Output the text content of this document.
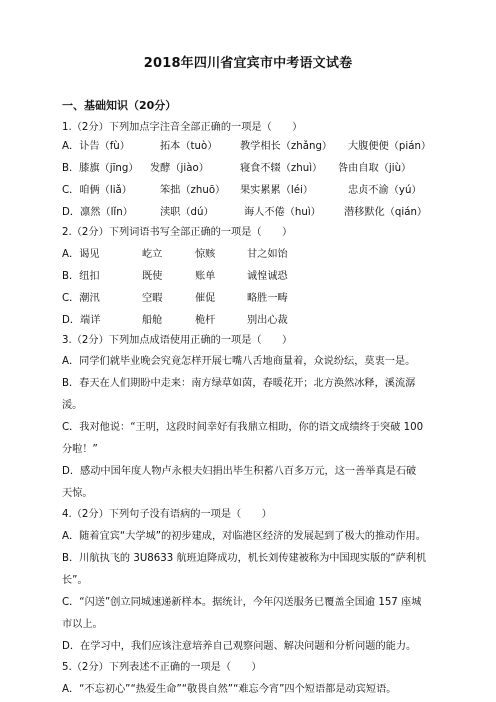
2018年四川省宜宾市中考语文试卷
一、基础知识（20分）
1.（2分）下列加点字注音全部正确的一项是（　　）
A．讣告（fù）	拓本（tuò） 教学相长（zhǎng） 大腹便便（pián）
B．膝旗（jīng） 发酵（jiào）	寝食不辍（zhuì） 咎由自取（jiù）
C．咱俩（liǎ）	笨拙（zhuō） 果实累累（léi）	忠贞不渝（yú）
D．凛然（lǐn）	渎职（dú）	诲人不倦（huì） 潜移默化（qián）
2.（2分）下列词语书写全部正确的一项是（　　）
A．谒见	屹立	惊赅	甘之如饴
B．纽扣	既使	账单	诚惶诚恐
C．潮汛	空暇	催促	略胜一畴
D．端详	船舱	桅杆	别出心裁
3.（2分）下列加点成语使用正确的一项是（　　）
A．同学们就毕业晚会究竟怎样开展七嘴八舌地商量着，众说纷纭，莫衷一是。
B．春天在人们期盼中走来：南方绿草如茵，春暖花开；北方涣然冰释，溪流潺
湲。
C．我对他说：“王明，这段时间幸好有我鼎立相助，你的语文成绩终于突破 100
分啦！”
D．感动中国年度人物卢永根夫妇捐出毕生积蓄八百多万元，这一善举真是石破
天惊。
4.（2分）下列句子没有语病的一项是（　　）
A．随着宜宾“大学城”的初步建成，对临港区经济的发展起到了极大的推动作用。
B．川航执飞的 3U8633 航班迫降成功，机长刘传建被称为中国现实版的“萨利机
长”。
C．“闪送”创立同城速递新样本。据统计，今年闪送服务已覆盖全国逾 157 座城
市以上。
D．在学习中，我们应该注意培养自己观察问题、解决问题和分析问题的能力。
5.（2分）下列表述不正确的一项是（　　）
A．“不忘初心”“热爱生命”“敬畏自然”“难忘今宵”四个短语都是动宾短语。
